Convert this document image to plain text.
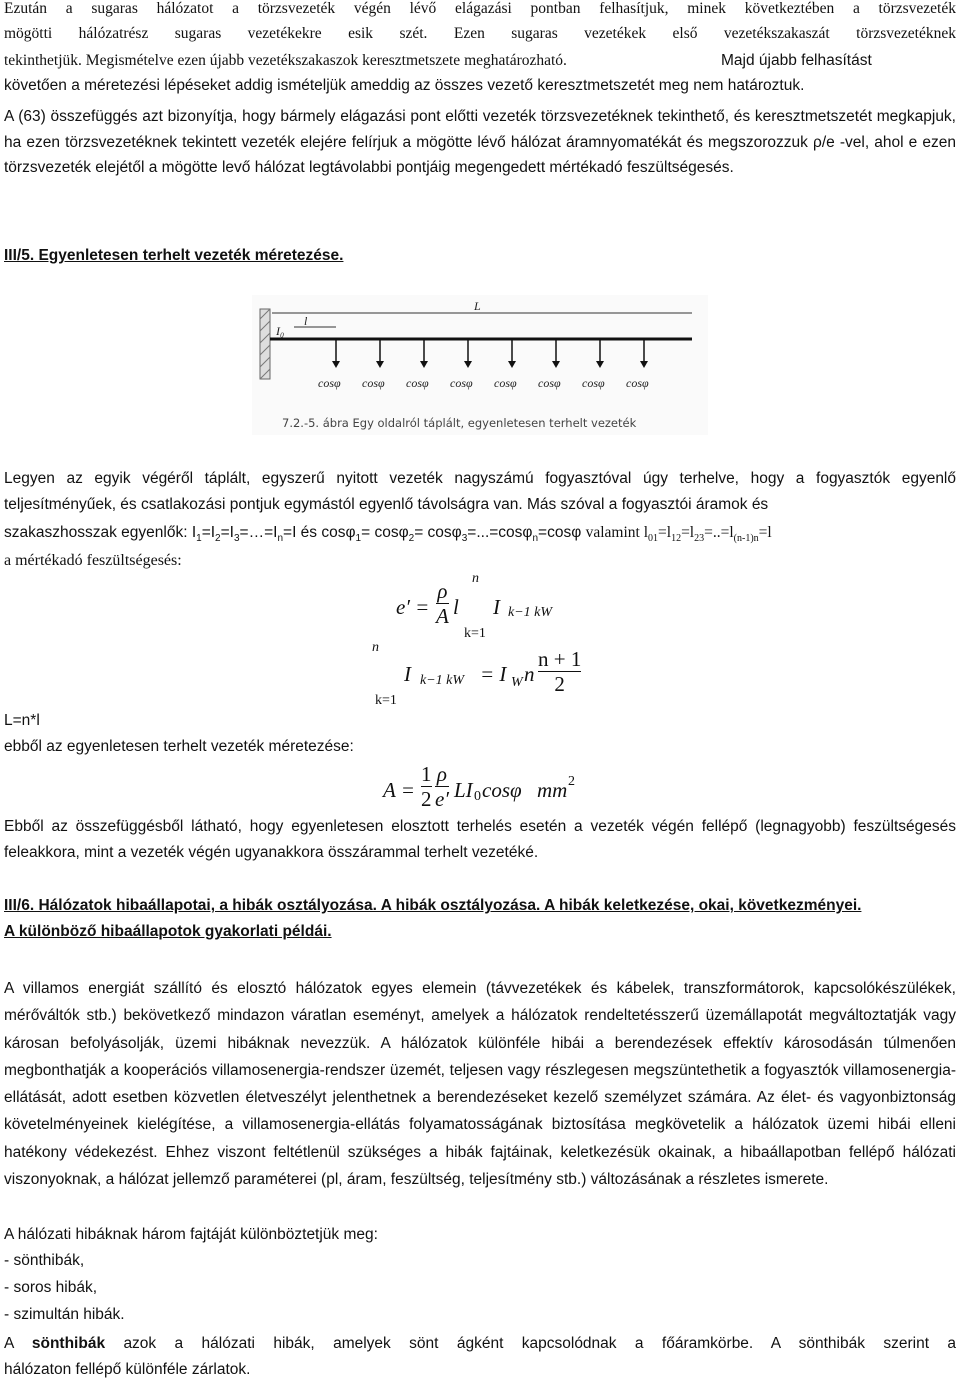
Ezután a sugaras hálózatot a törzsvezeték végén lévő elágazási pontban felhasítjuk, minek következtében a törzsvezeték
mögötti hálózatrész sugaras vezetékekre esik szét. Ezen sugaras vezetékek első vezetékszakaszát törzsvezetéknek
tekinthetjük. Megismételve ezen újabb vezetékszakaszok keresztmetszete meghatározható.	Majd újabb felhasítást
követően a méretezési lépéseket addig ismételjük ameddig az összes vezető keresztmetszetét meg nem határoztuk.
A (63) összefüggés azt bizonyítja, hogy bármely elágazási pont előtti vezeték törzsvezetéknek tekinthető, és keresztmetszetét megkapjuk, ha ezen törzsvezetéknek tekintett vezeték elejére felírjuk a mögötte lévő hálózat áramnyomatékát és megszorozzuk ρ/e -vel, ahol e ezen törzsvezeték elejétől a mögötte levő hálózat legtávolabbi pontjáig megengedett mértékadó feszültségesés.
III/5. Egyenletesen terhelt vezeték méretezése.
L
l
I₀
cosφ cosφ cosφ cosφ cosφ cosφ cosφ cosφ
7.2.-5. ábra Egy oldalról táplált, egyenletesen terhelt vezeték
Legyen az egyik végéről táplált, egyszerű nyitott vezeték nagyszámú fogyasztóval úgy terhelve, hogy a fogyasztók egyenlő teljesítményűek, és csatlakozási pontjuk egymástól egyenlő távolságra van. Más szóval a fogyasztói áramok és
szakaszhosszak egyenlők: $I_1=I_2=I_3=\dots=I_n=I$ és cosφ$_1$= cosφ$_2$= cosφ$_3$=...=cosφ$_n$=cosφ valamint $l_{01}=l_{12}=l_{23}=..=l_{(n-1)n}=l$
a mértékadó feszültségesés:
e′ =
ρ
A l
n
k=1
I k−1 kW
n
k=1
I k−1 kW = I W n
n + 1
2
L=n*l
ebből az egyenletesen terhelt vezeték méretezése:
A =
1
2
ρ
e′ LI 0 cosφ mm 2
Ebből az összefüggésből látható, hogy egyenletesen elosztott terhelés esetén a vezeték végén fellépő (legnagyobb) feszültségesés feleakkora, mint a vezeték végén ugyanakkora összárammal terhelt vezetéké.
III/6. Hálózatok hibaállapotai, a hibák osztályozása. A hibák osztályozása. A hibák keletkezése, okai, következményei.
A különböző hibaállapotok gyakorlati példái.
A villamos energiát szállító és elosztó hálózatok egyes elemein (távvezetékek és kábelek, transzformátorok, kapcsolókészülékek, mérőváltók stb.) bekövetkező mindazon váratlan eseményt, amelyek a hálózatok rendeltetésszerű üzemállapotát megváltoztatják vagy károsan befolyásolják, üzemi hibáknak nevezzük. A hálózatok különféle hibái a berendezések effektív károsodásán túlmenően megbonthatják a kooperációs villamosenergia-rendszer üzemét, teljesen vagy részlegesen megszüntethetik a fogyasztók villamosenergia-ellátását, adott esetben közvetlen életveszélyt jelenthetnek a berendezéseket kezelő személyzet számára. Az élet- és vagyonbiztonság követelményeinek kielégítése, a villamosenergia-ellátás folyamatosságának biztosítása megkövetelik a hálózatok üzemi hibái elleni hatékony védekezést. Ehhez viszont feltétlenül szükséges a hibák fajtáinak, keletkezésük okainak, a hibaállapotban fellépő hálózati viszonyoknak, a hálózat jellemző paraméterei (pl, áram, feszültség, teljesítmény stb.) változásának a részletes ismerete.
A hálózati hibáknak három fajtáját különböztetjük meg:
- sönthibák,
- soros hibák,
- szimultán hibák.
A sönthibák azok a hálózati hibák, amelyek sönt ágként kapcsolódnak a főáramkörbe. A sönthibák szerint a
hálózaton fellépő különféle zárlatok.
